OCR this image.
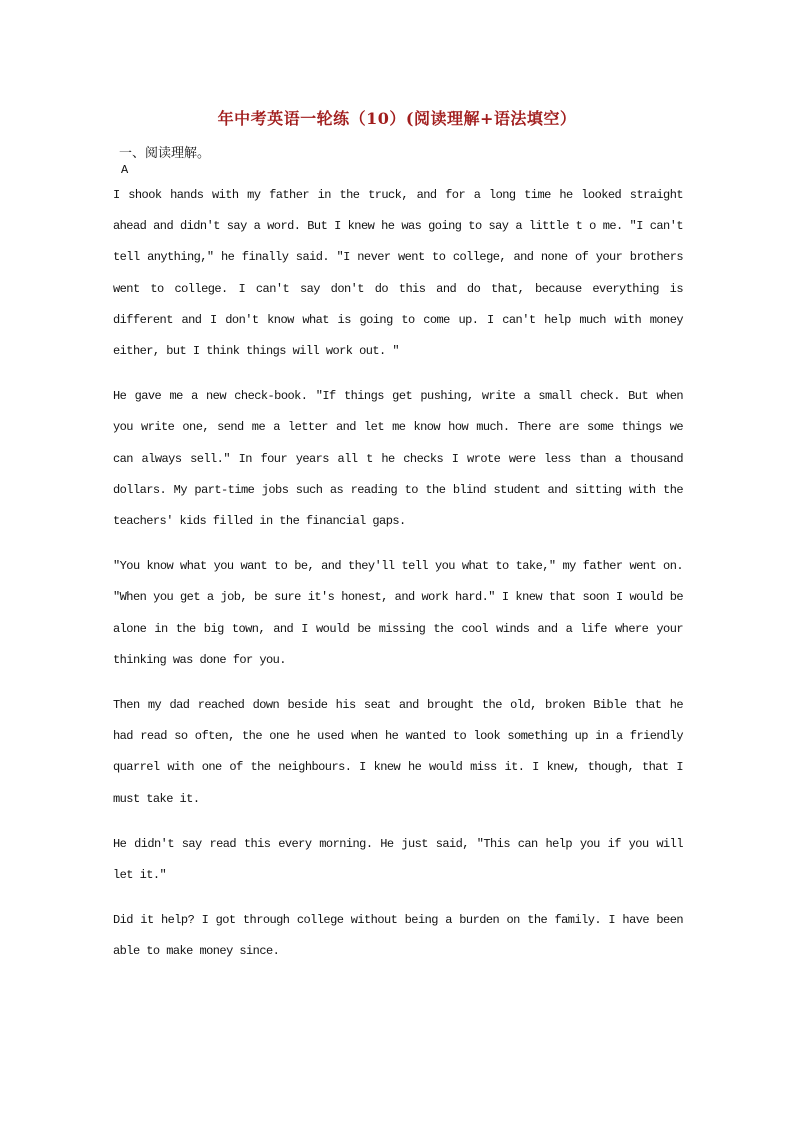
年中考英语一轮练（10）(阅读理解+语法填空）
一、阅读理解。
A

I shook hands with my father in the truck, and for a long time he looked straight ahead and didn't say a word. But I knew he was going to say a little t o me. "I can't tell anything," he finally said. "I never went to college, and none of your brothers went to college. I can't say don't do this and do that, because everything is different and I don't know what is going to come up. I can't help much with money either, but I think things will work out. "

He gave me a new check-book. "If things get pushing, write a small check. But when you write one, send me a letter and let me know how much. There are some things we can always sell." In four years all t he checks I wrote were less than a thousand dollars. My part-time jobs such as reading to the blind student and sitting with the teachers' kids filled in the financial gaps.

"You know what you want to be, and they'll tell you what to take," my father went on. "When you get a job, be sure it's honest, and work hard." I knew that soon I would be alone in the big town, and I would be missing the cool winds and a life where your thinking was done for you.

Then my dad reached down beside his seat and brought the old, broken Bible that he had read so often, the one he used when he wanted to look something up in a friendly quarrel with one of the neighbours. I knew he would miss it. I knew, though, that I must take it.

He didn't say read this every morning. He just said, "This can help you if you will let it."

Did it help? I got through college without being a burden on the family. I have been able to make money since.
